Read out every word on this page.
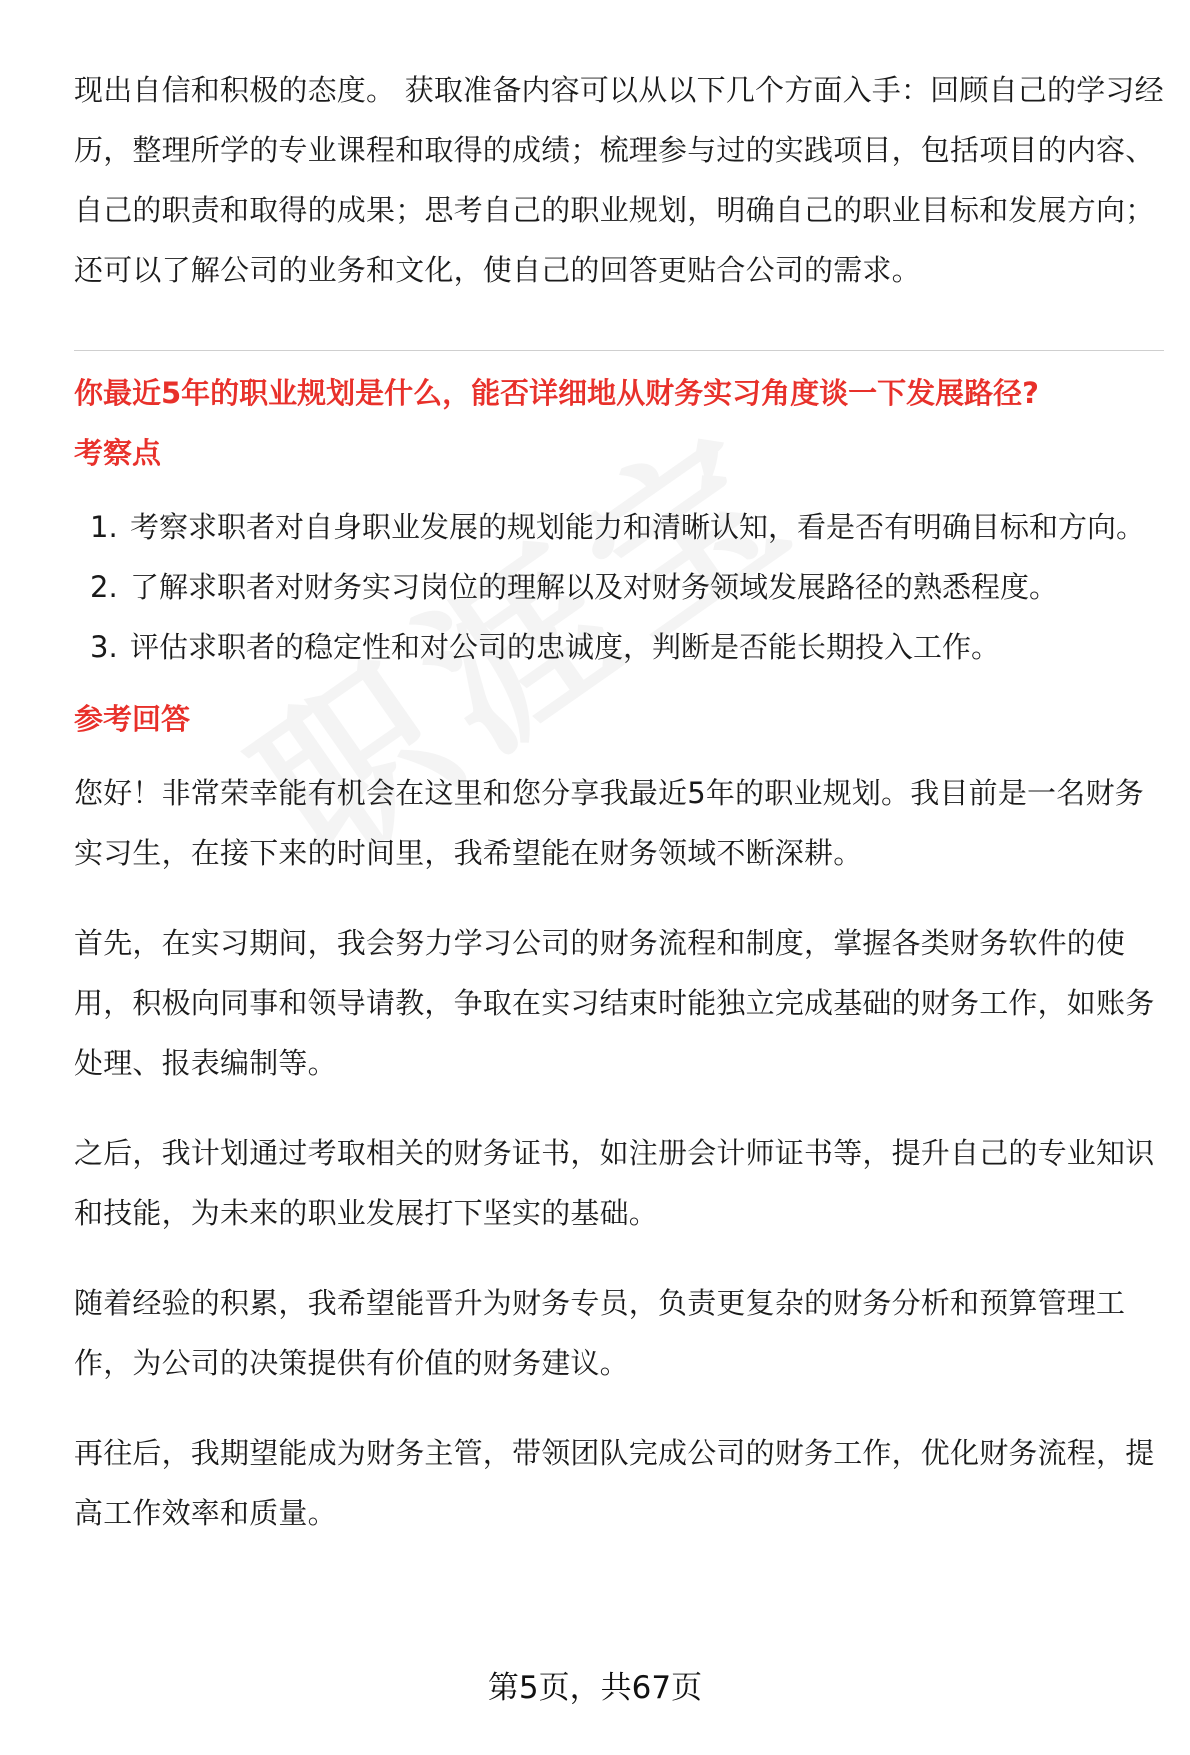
现出自信和积极的态度。 获取准备内容可以从以下几个方面入手：回顾自己的学习经历，整理所学的专业课程和取得的成绩；梳理参与过的实践项目，包括项目的内容、自己的职责和取得的成果；思考自己的职业规划，明确自己的职业目标和发展方向；还可以了解公司的业务和文化，使自己的回答更贴合公司的需求。

你最近5年的职业规划是什么，能否详细地从财务实习角度谈一下发展路径?

考察点

1. 考察求职者对自身职业发展的规划能力和清晰认知，看是否有明确目标和方向。
2. 了解求职者对财务实习岗位的理解以及对财务领域发展路径的熟悉程度。
3. 评估求职者的稳定性和对公司的忠诚度，判断是否能长期投入工作。

参考回答

您好！非常荣幸能有机会在这里和您分享我最近5年的职业规划。我目前是一名财务实习生，在接下来的时间里，我希望能在财务领域不断深耕。

首先，在实习期间，我会努力学习公司的财务流程和制度，掌握各类财务软件的使用，积极向同事和领导请教，争取在实习结束时能独立完成基础的财务工作，如账务处理、报表编制等。

之后，我计划通过考取相关的财务证书，如注册会计师证书等，提升自己的专业知识和技能，为未来的职业发展打下坚实的基础。

随着经验的积累，我希望能晋升为财务专员，负责更复杂的财务分析和预算管理工作，为公司的决策提供有价值的财务建议。

再往后，我期望能成为财务主管，带领团队完成公司的财务工作，优化财务流程，提高工作效率和质量。

第5页，共67页
